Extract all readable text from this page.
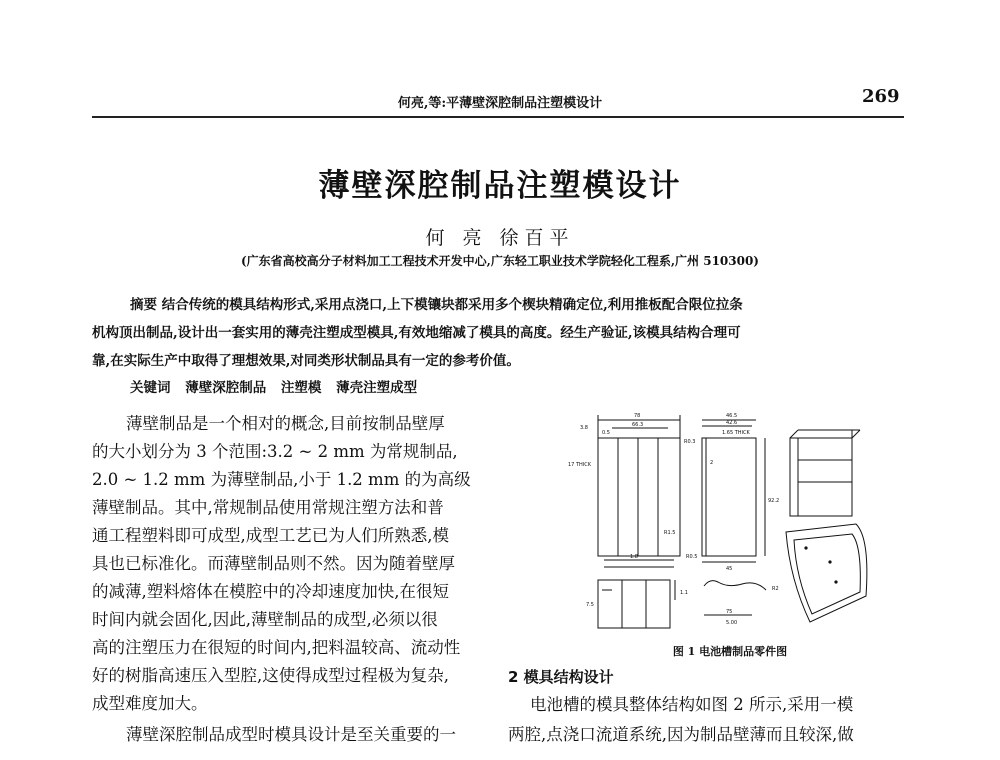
何亮,等:平薄壁深腔制品注塑模设计	269
薄壁深腔制品注塑模设计
何 亮 徐百平
(广东省高校高分子材料加工工程技术开发中心,广东轻工职业技术学院轻化工程系,广州 510300)
摘要 结合传统的模具结构形式,采用点浇口,上下模镶块都采用多个楔块精确定位,利用推板配合限位拉条
机构顶出制品,设计出一套实用的薄壳注塑成型模具,有效地缩减了模具的高度。经生产验证,该模具结构合理可
靠,在实际生产中取得了理想效果,对同类形状制品具有一定的参考价值。
关键词 薄壁深腔制品 注塑模 薄壳注塑成型
薄壁制品是一个相对的概念,目前按制品壁厚
的大小划分为 3 个范围:3.2 ~ 2 mm 为常规制品,
2.0 ~ 1.2 mm 为薄壁制品,小于 1.2 mm 的为高级
薄壁制品。其中,常规制品使用常规注塑方法和普
通工程塑料即可成型,成型工艺已为人们所熟悉,模
具也已标准化。而薄壁制品则不然。因为随着壁厚
的减薄,塑料熔体在模腔中的冷却速度加快,在很短
时间内就会固化,因此,薄壁制品的成型,必须以很
高的注塑压力在很短的时间内,把料温较高、流动性
好的树脂高速压入型腔,这使得成型过程极为复杂,
成型难度加大。
薄壁深腔制品成型时模具设计是至关重要的一
78
66.3
3.8
0.5
R0.3
17 THICK
46.5
42.6
1.65 THICK
2
92.2
R1.5
1.8	R0.5
45
1.1
R2
75
5.00
7.5
图 1 电池槽制品零件图
2 模具结构设计
电池槽的模具整体结构如图 2 所示,采用一模
两腔,点浇口流道系统,因为制品壁薄而且较深,做
